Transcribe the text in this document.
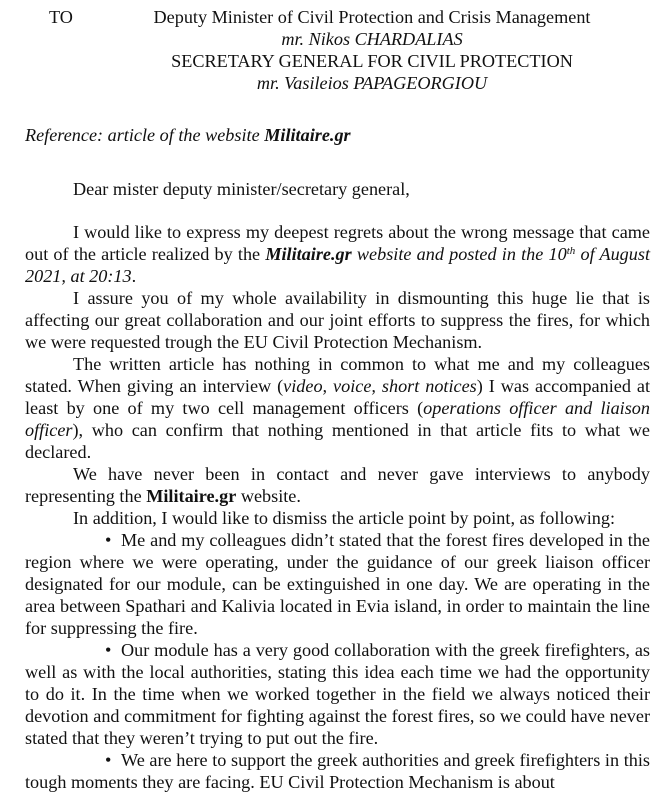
TO	Deputy Minister of Civil Protection and Crisis Management
mr. Nikos CHARDALIAS
SECRETARY GENERAL FOR CIVIL PROTECTION
mr. Vasileios PAPAGEORGIOU
Reference: article of the website Militaire.gr
Dear mister deputy minister/secretary general,

I would like to express my deepest regrets about the wrong message that came out of the article realized by the Militaire.gr website and posted in the 10th of August 2021, at 20:13.

I assure you of my whole availability in dismounting this huge lie that is affecting our great collaboration and our joint efforts to suppress the fires, for which we were requested trough the EU Civil Protection Mechanism.

The written article has nothing in common to what me and my colleagues stated. When giving an interview (video, voice, short notices) I was accompanied at least by one of my two cell management officers (operations officer and liaison officer), who can confirm that nothing mentioned in that article fits to what we declared.

We have never been in contact and never gave interviews to anybody representing the Militaire.gr website.

In addition, I would like to dismiss the article point by point, as following:

• Me and my colleagues didn’t stated that the forest fires developed in the region where we were operating, under the guidance of our greek liaison officer designated for our module, can be extinguished in one day. We are operating in the area between Spathari and Kalivia located in Evia island, in order to maintain the line for suppressing the fire.

• Our module has a very good collaboration with the greek firefighters, as well as with the local authorities, stating this idea each time we had the opportunity to do it. In the time when we worked together in the field we always noticed their devotion and commitment for fighting against the forest fires, so we could have never stated that they weren’t trying to put out the fire.

• We are here to support the greek authorities and greek firefighters in this tough moments they are facing. EU Civil Protection Mechanism is about
